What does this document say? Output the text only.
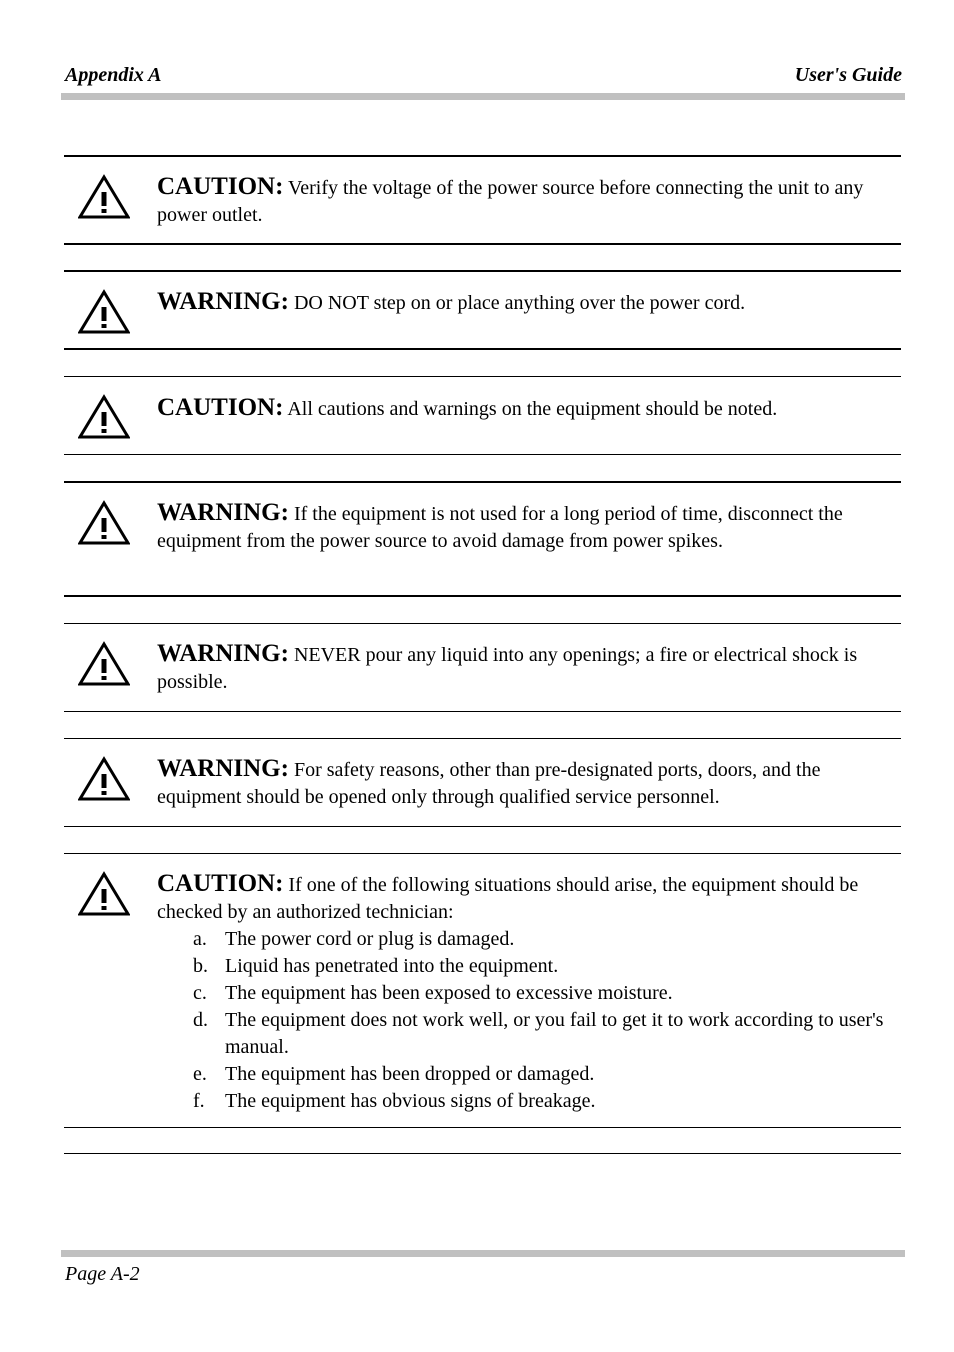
Appendix A	User's Guide
CAUTION: Verify the voltage of the power source before connecting the unit to any power outlet.
WARNING: DO NOT step on or place anything over the power cord.
CAUTION: All cautions and warnings on the equipment should be noted.
WARNING: If the equipment is not used for a long period of time, disconnect the equipment from the power source to avoid damage from power spikes.
WARNING: NEVER pour any liquid into any openings; a fire or electrical shock is possible.
WARNING: For safety reasons, other than pre-designated ports, doors, and the equipment should be opened only through qualified service personnel.
CAUTION: If one of the following situations should arise, the equipment should be checked by an authorized technician:
a. The power cord or plug is damaged.
b. Liquid has penetrated into the equipment.
c. The equipment has been exposed to excessive moisture.
d. The equipment does not work well, or you fail to get it to work according to user's manual.
e. The equipment has been dropped or damaged.
f. The equipment has obvious signs of breakage.
Page A-2
